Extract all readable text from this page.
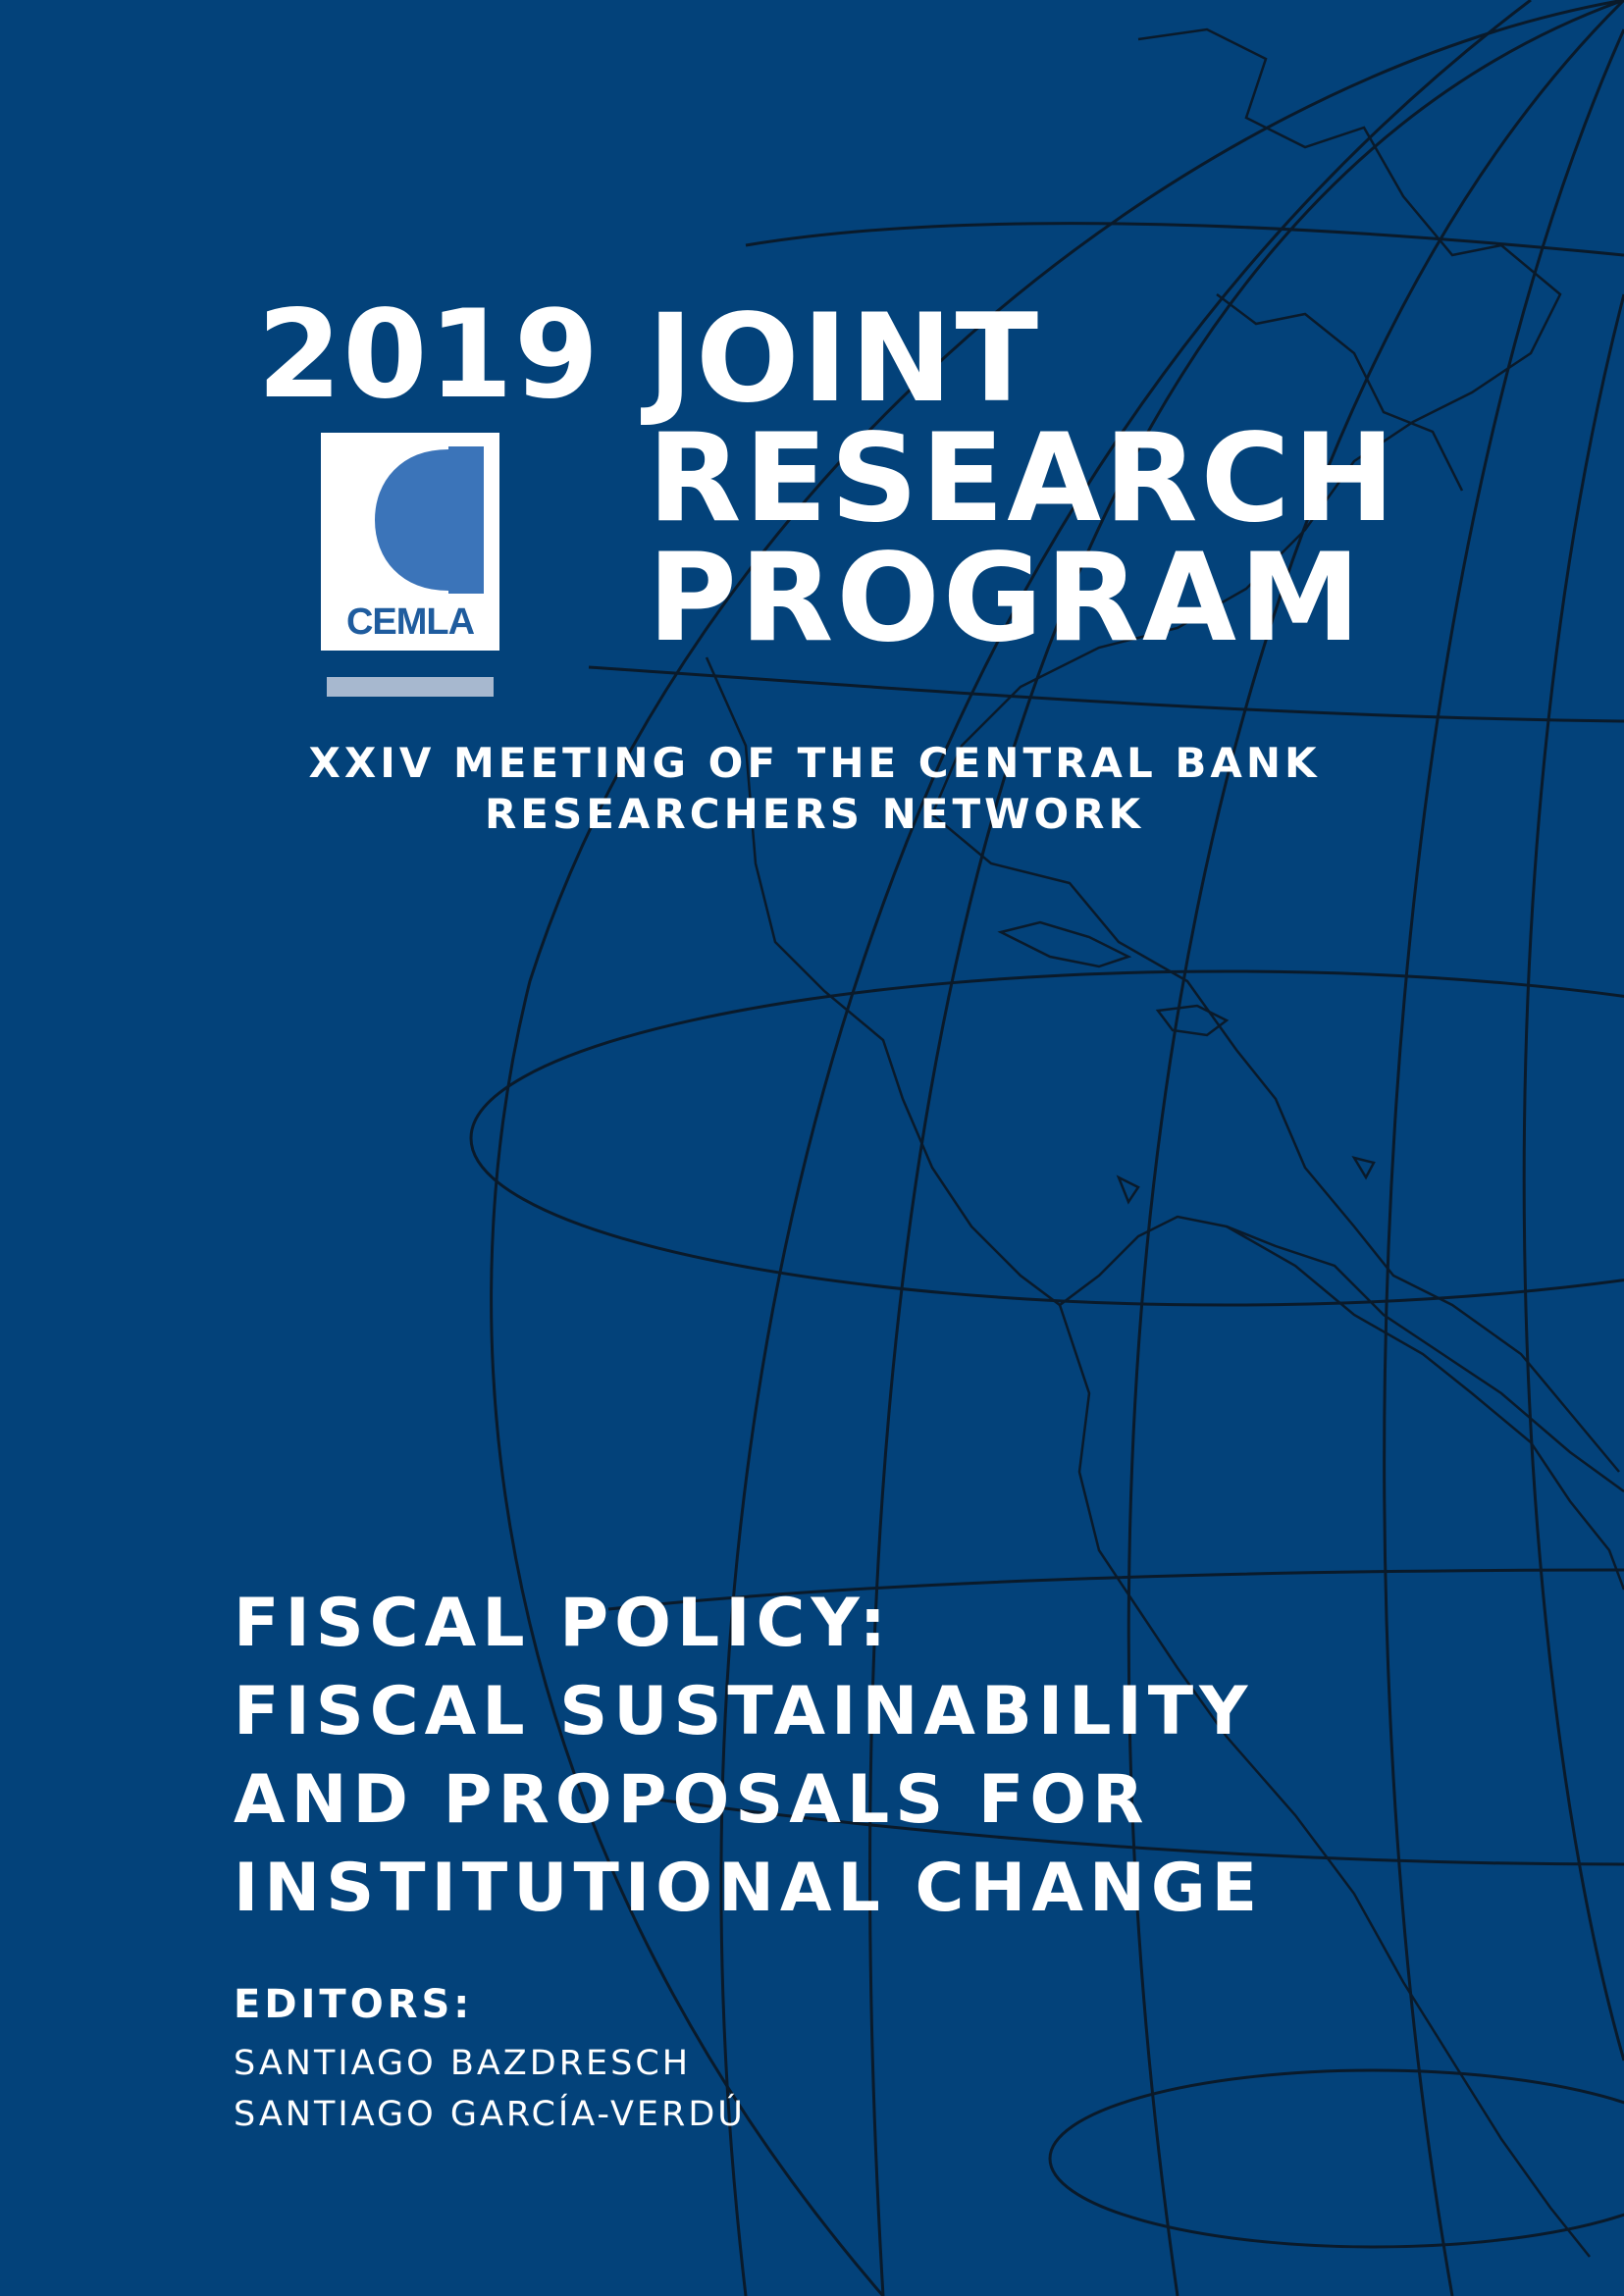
2019 JOINT
RESEARCH
PROGRAM
CEMLA
XXIV MEETING OF THE CENTRAL BANK
RESEARCHERS NETWORK
FISCAL POLICY:
FISCAL SUSTAINABILITY
AND PROPOSALS FOR
INSTITUTIONAL CHANGE
EDITORS:
SANTIAGO BAZDRESCH
SANTIAGO GARCÍA-VERDÚ
